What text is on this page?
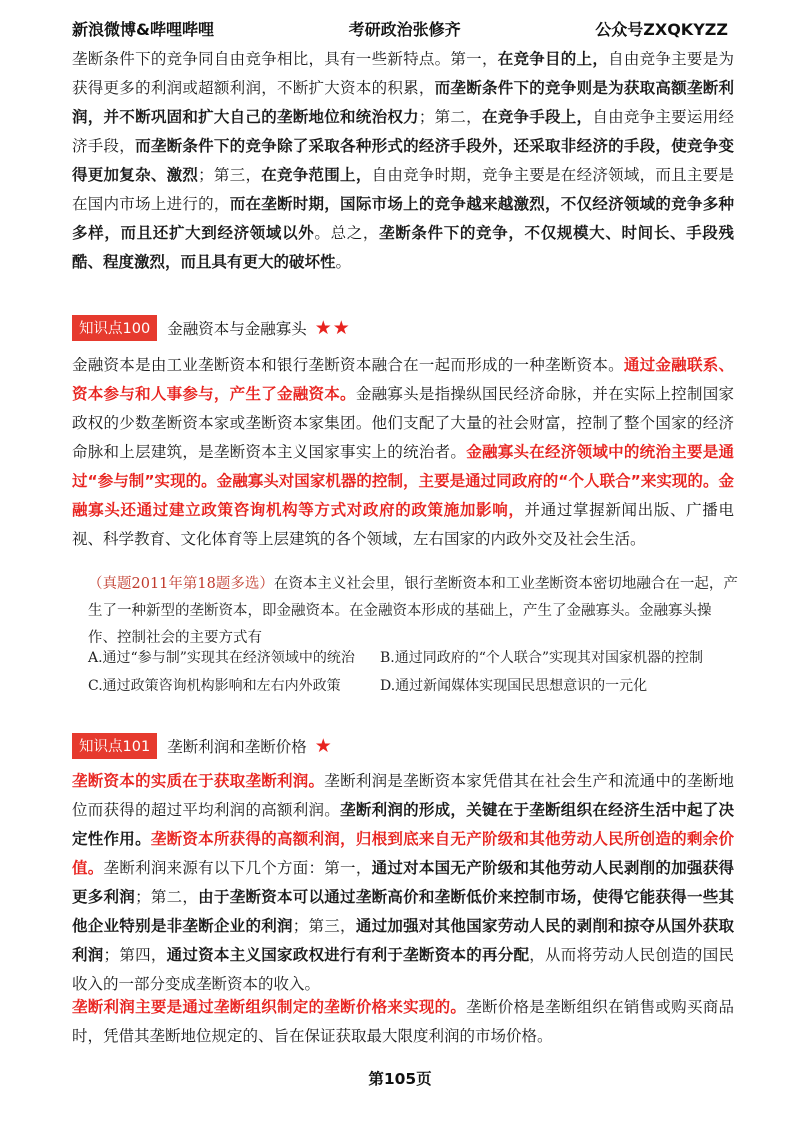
新浪微博&哔哩哔哩	考研政治张修齐	公众号ZXQKYZZ

垄断条件下的竞争同自由竞争相比，具有一些新特点。第一，在竞争目的上，自由竞争主要是为获得更多的利润或超额利润，不断扩大资本的积累，而垄断条件下的竞争则是为获取高额垄断利润，并不断巩固和扩大自己的垄断地位和统治权力；第二，在竞争手段上，自由竞争主要运用经济手段，而垄断条件下的竞争除了采取各种形式的经济手段外，还采取非经济的手段，使竞争变得更加复杂、激烈；第三，在竞争范围上，自由竞争时期，竞争主要是在经济领域，而且主要是在国内市场上进行的，而在垄断时期，国际市场上的竞争越来越激烈，不仅经济领域的竞争多种多样，而且还扩大到经济领域以外。总之，垄断条件下的竞争，不仅规模大、时间长、手段残酷、程度激烈，而且具有更大的破坏性。

知识点100	金融资本与金融寡头 ★★

金融资本是由工业垄断资本和银行垄断资本融合在一起而形成的一种垄断资本。通过金融联系、资本参与和人事参与，产生了金融资本。金融寡头是指操纵国民经济命脉，并在实际上控制国家政权的少数垄断资本家或垄断资本家集团。他们支配了大量的社会财富，控制了整个国家的经济命脉和上层建筑，是垄断资本主义国家事实上的统治者。金融寡头在经济领域中的统治主要是通过“参与制”实现的。金融寡头对国家机器的控制，主要是通过同政府的“个人联合”来实现的。金融寡头还通过建立政策咨询机构等方式对政府的政策施加影响，并通过掌握新闻出版、广播电视、科学教育、文化体育等上层建筑的各个领域，左右国家的内政外交及社会生活。

（真题2011年第18题多选）在资本主义社会里，银行垄断资本和工业垄断资本密切地融合在一起，产生了一种新型的垄断资本，即金融资本。在金融资本形成的基础上，产生了金融寡头。金融寡头操作、控制社会的主要方式有

A.通过“参与制”实现其在经济领域中的统治	B.通过同政府的“个人联合”实现其对国家机器的控制
C.通过政策咨询机构影响和左右内外政策	D.通过新闻媒体实现国民思想意识的一元化
知识点101	垄断利润和垄断价格 ★

垄断资本的实质在于获取垄断利润。垄断利润是垄断资本家凭借其在社会生产和流通中的垄断地位而获得的超过平均利润的高额利润。垄断利润的形成，关键在于垄断组织在经济生活中起了决定性作用。垄断资本所获得的高额利润，归根到底来自无产阶级和其他劳动人民所创造的剩余价值。垄断利润来源有以下几个方面：第一，通过对本国无产阶级和其他劳动人民剥削的加强获得更多利润；第二，由于垄断资本可以通过垄断高价和垄断低价来控制市场，使得它能获得一些其他企业特别是非垄断企业的利润；第三，通过加强对其他国家劳动人民的剥削和掠夺从国外获取利润；第四，通过资本主义国家政权进行有利于垄断资本的再分配，从而将劳动人民创造的国民收入的一部分变成垄断资本的收入。

垄断利润主要是通过垄断组织制定的垄断价格来实现的。垄断价格是垄断组织在销售或购买商品时，凭借其垄断地位规定的、旨在保证获取最大限度利润的市场价格。

第105页
